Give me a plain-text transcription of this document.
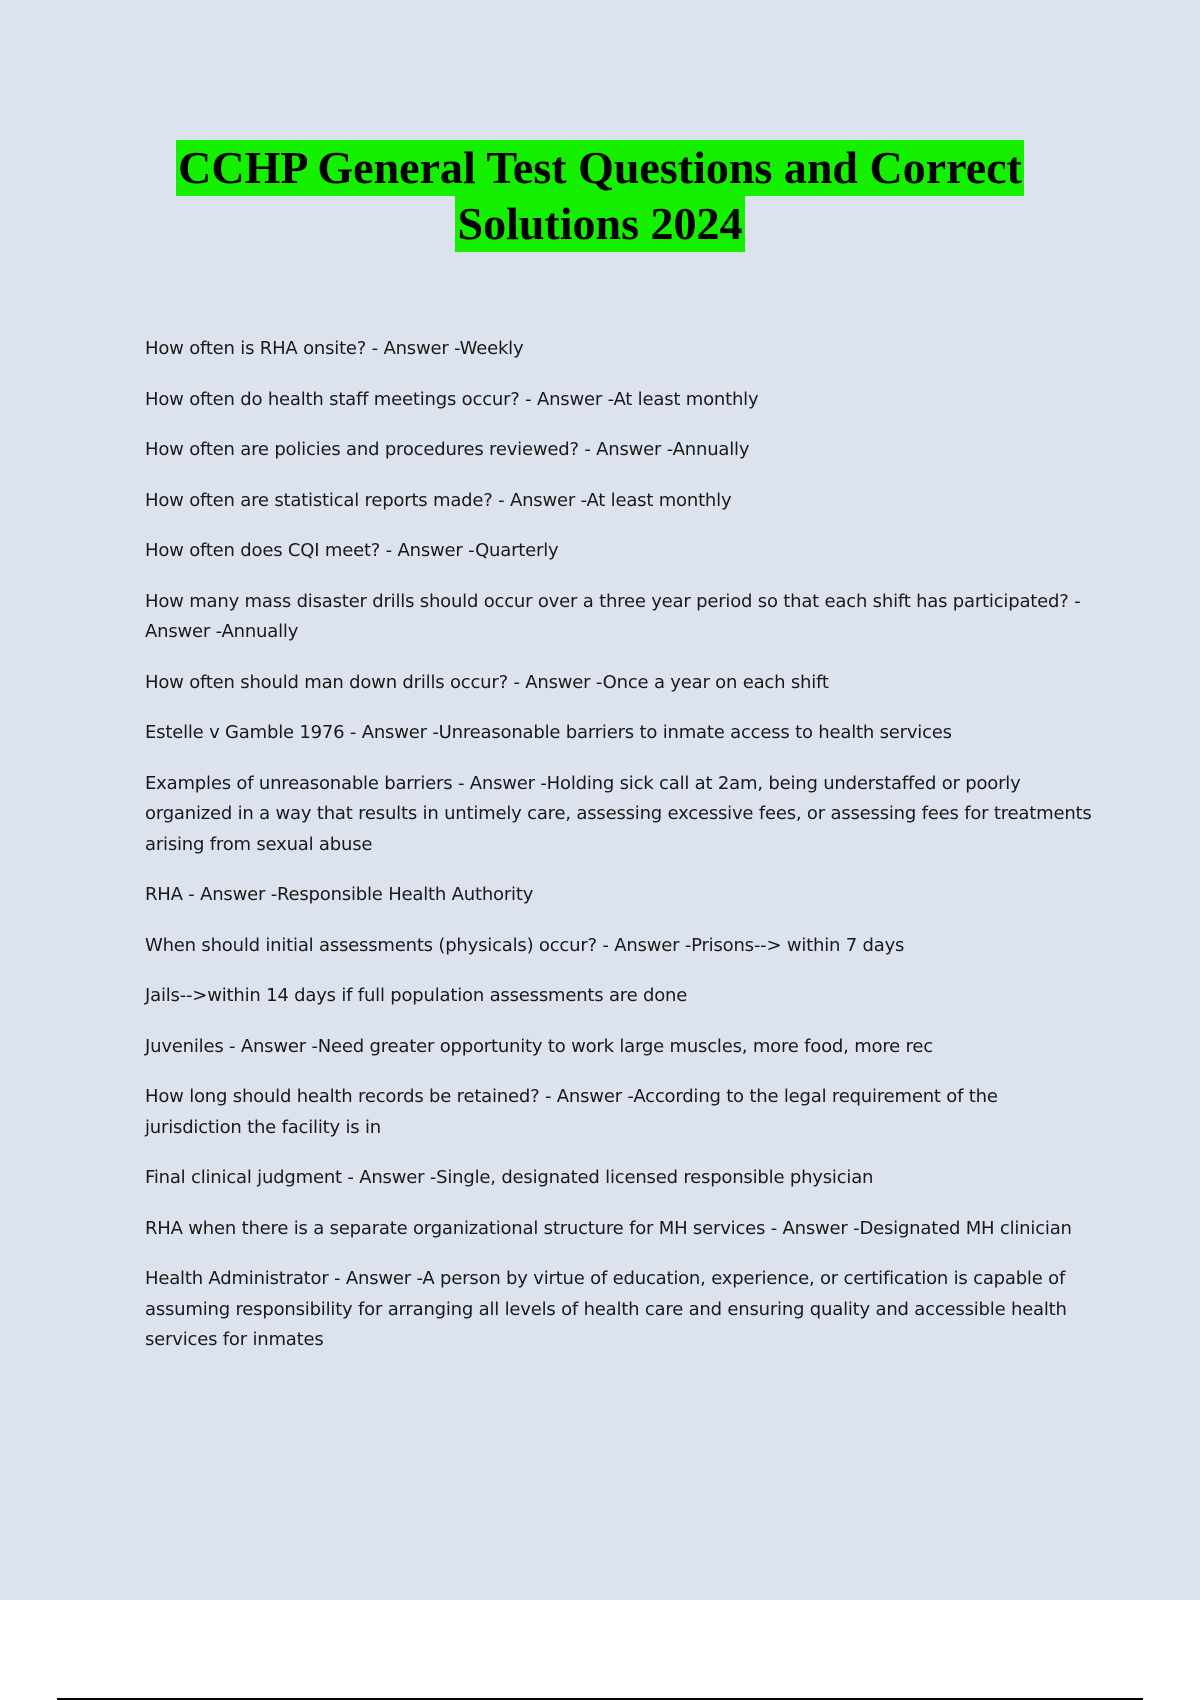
CCHP General Test Questions and Correct
Solutions 2024

How often is RHA onsite? - Answer -Weekly

How often do health staff meetings occur? - Answer -At least monthly

How often are policies and procedures reviewed? - Answer -Annually

How often are statistical reports made? - Answer -At least monthly

How often does CQI meet? - Answer -Quarterly

How many mass disaster drills should occur over a three year period so that each shift has participated? - Answer -Annually

How often should man down drills occur? - Answer -Once a year on each shift

Estelle v Gamble 1976 - Answer -Unreasonable barriers to inmate access to health services

Examples of unreasonable barriers - Answer -Holding sick call at 2am, being understaffed or poorly organized in a way that results in untimely care, assessing excessive fees, or assessing fees for treatments arising from sexual abuse

RHA - Answer -Responsible Health Authority

When should initial assessments (physicals) occur? - Answer -Prisons--> within 7 days

Jails-->within 14 days if full population assessments are done

Juveniles - Answer -Need greater opportunity to work large muscles, more food, more rec

How long should health records be retained? - Answer -According to the legal requirement of the jurisdiction the facility is in

Final clinical judgment - Answer -Single, designated licensed responsible physician

RHA when there is a separate organizational structure for MH services - Answer -Designated MH clinician

Health Administrator - Answer -A person by virtue of education, experience, or certification is capable of assuming responsibility for arranging all levels of health care and ensuring quality and accessible health services for inmates
